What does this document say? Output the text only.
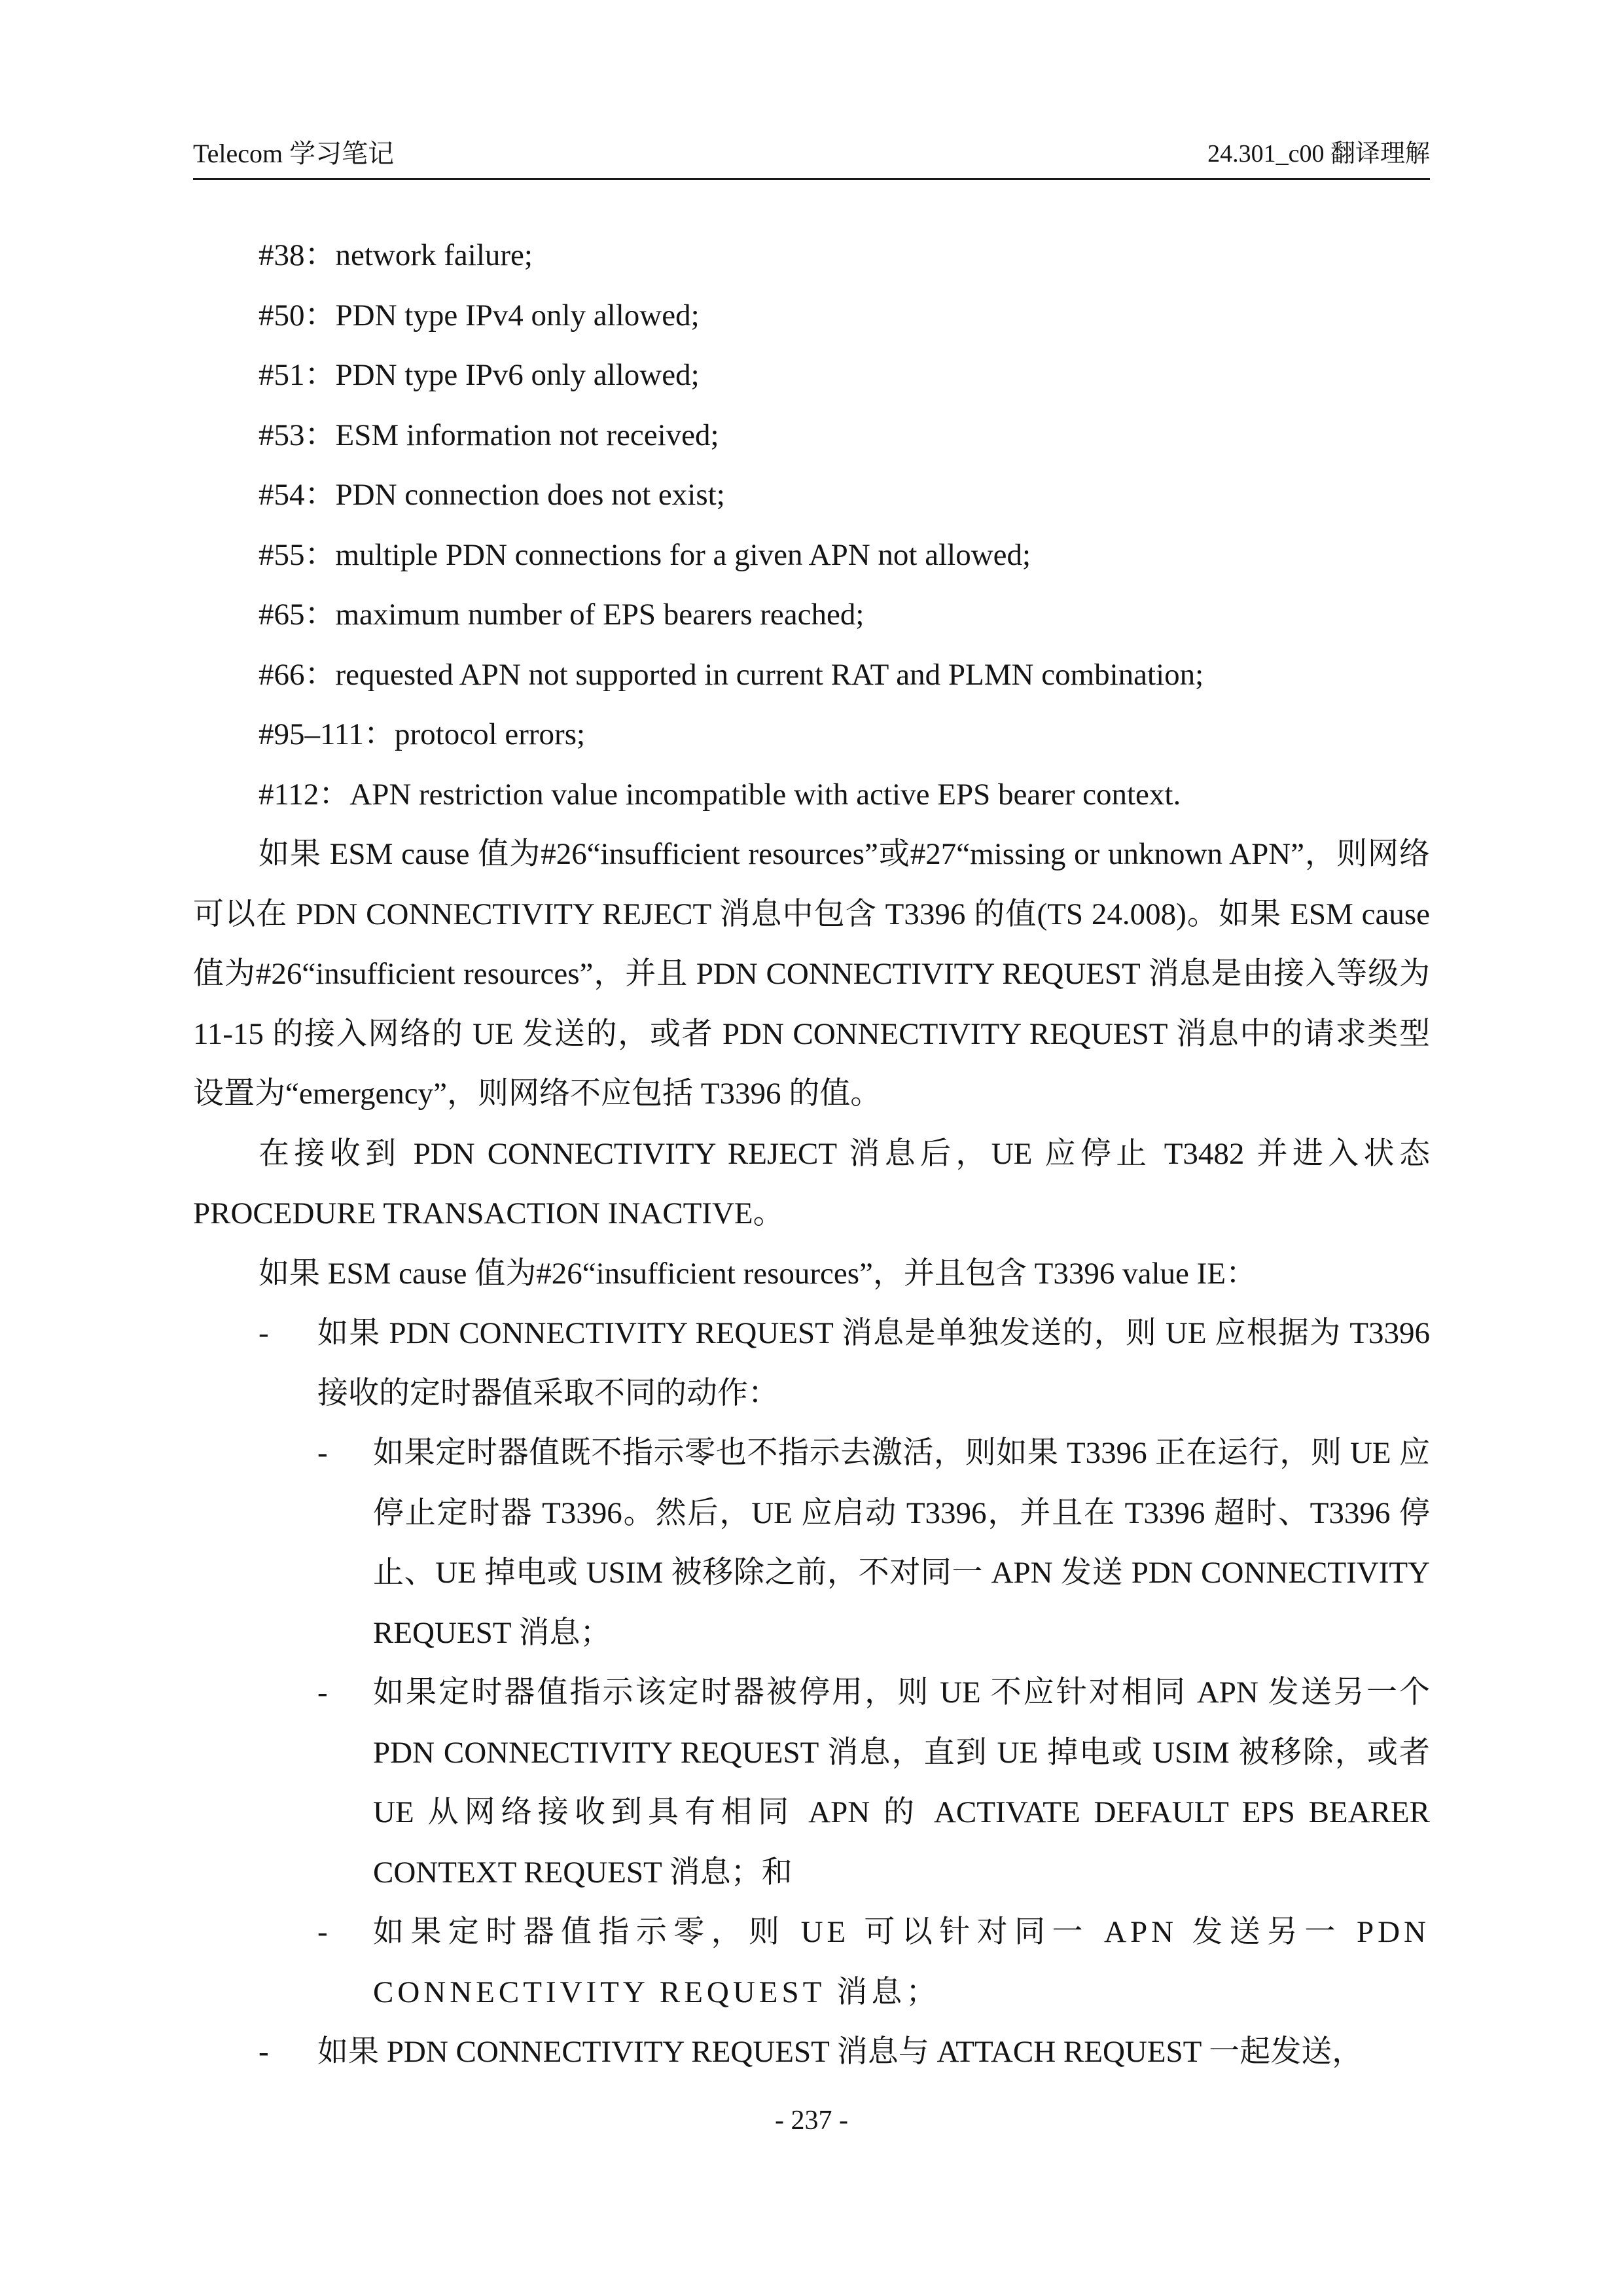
Telecom 学习笔记	24.301_c00 翻译理解

#38：network failure;

#50：PDN type IPv4 only allowed;

#51：PDN type IPv6 only allowed;

#53：ESM information not received;

#54：PDN connection does not exist;

#55：multiple PDN connections for a given APN not allowed;

#65：maximum number of EPS bearers reached;

#66：requested APN not supported in current RAT and PLMN combination;

#95–111：protocol errors;

#112：APN restriction value incompatible with active EPS bearer context.

如果 ESM cause 值为#26“insufficient resources”或#27“missing or unknown APN”，则网络可以在 PDN CONNECTIVITY REJECT 消息中包含 T3396 的值(TS 24.008)。如果 ESM cause 值为#26“insufficient resources”，并且 PDN CONNECTIVITY REQUEST 消息是由接入等级为 11-15 的接入网络的 UE 发送的，或者 PDN CONNECTIVITY REQUEST 消息中的请求类型设置为“emergency”，则网络不应包括 T3396 的值。

在接收到 PDN CONNECTIVITY REJECT 消息后，UE 应停止 T3482 并进入状态 PROCEDURE TRANSACTION INACTIVE。

如果 ESM cause 值为#26“insufficient resources”，并且包含 T3396 value IE：

- 如果 PDN CONNECTIVITY REQUEST 消息是单独发送的，则 UE 应根据为 T3396 接收的定时器值采取不同的动作：
- 如果定时器值既不指示零也不指示去激活，则如果 T3396 正在运行，则 UE 应停止定时器 T3396。然后，UE 应启动 T3396，并且在 T3396 超时、T3396 停止、UE 掉电或 USIM 被移除之前，不对同一 APN 发送 PDN CONNECTIVITY REQUEST 消息；
- 如果定时器值指示该定时器被停用，则 UE 不应针对相同 APN 发送另一个 PDN CONNECTIVITY REQUEST 消息，直到 UE 掉电或 USIM 被移除，或者 UE 从网络接收到具有相同 APN 的 ACTIVATE DEFAULT EPS BEARER CONTEXT REQUEST 消息；和
- 如果定时器值指示零，则 UE 可以针对同一 APN 发送另一 PDN CONNECTIVITY REQUEST 消息；
- 如果 PDN CONNECTIVITY REQUEST 消息与 ATTACH REQUEST 一起发送，
- 237 -
